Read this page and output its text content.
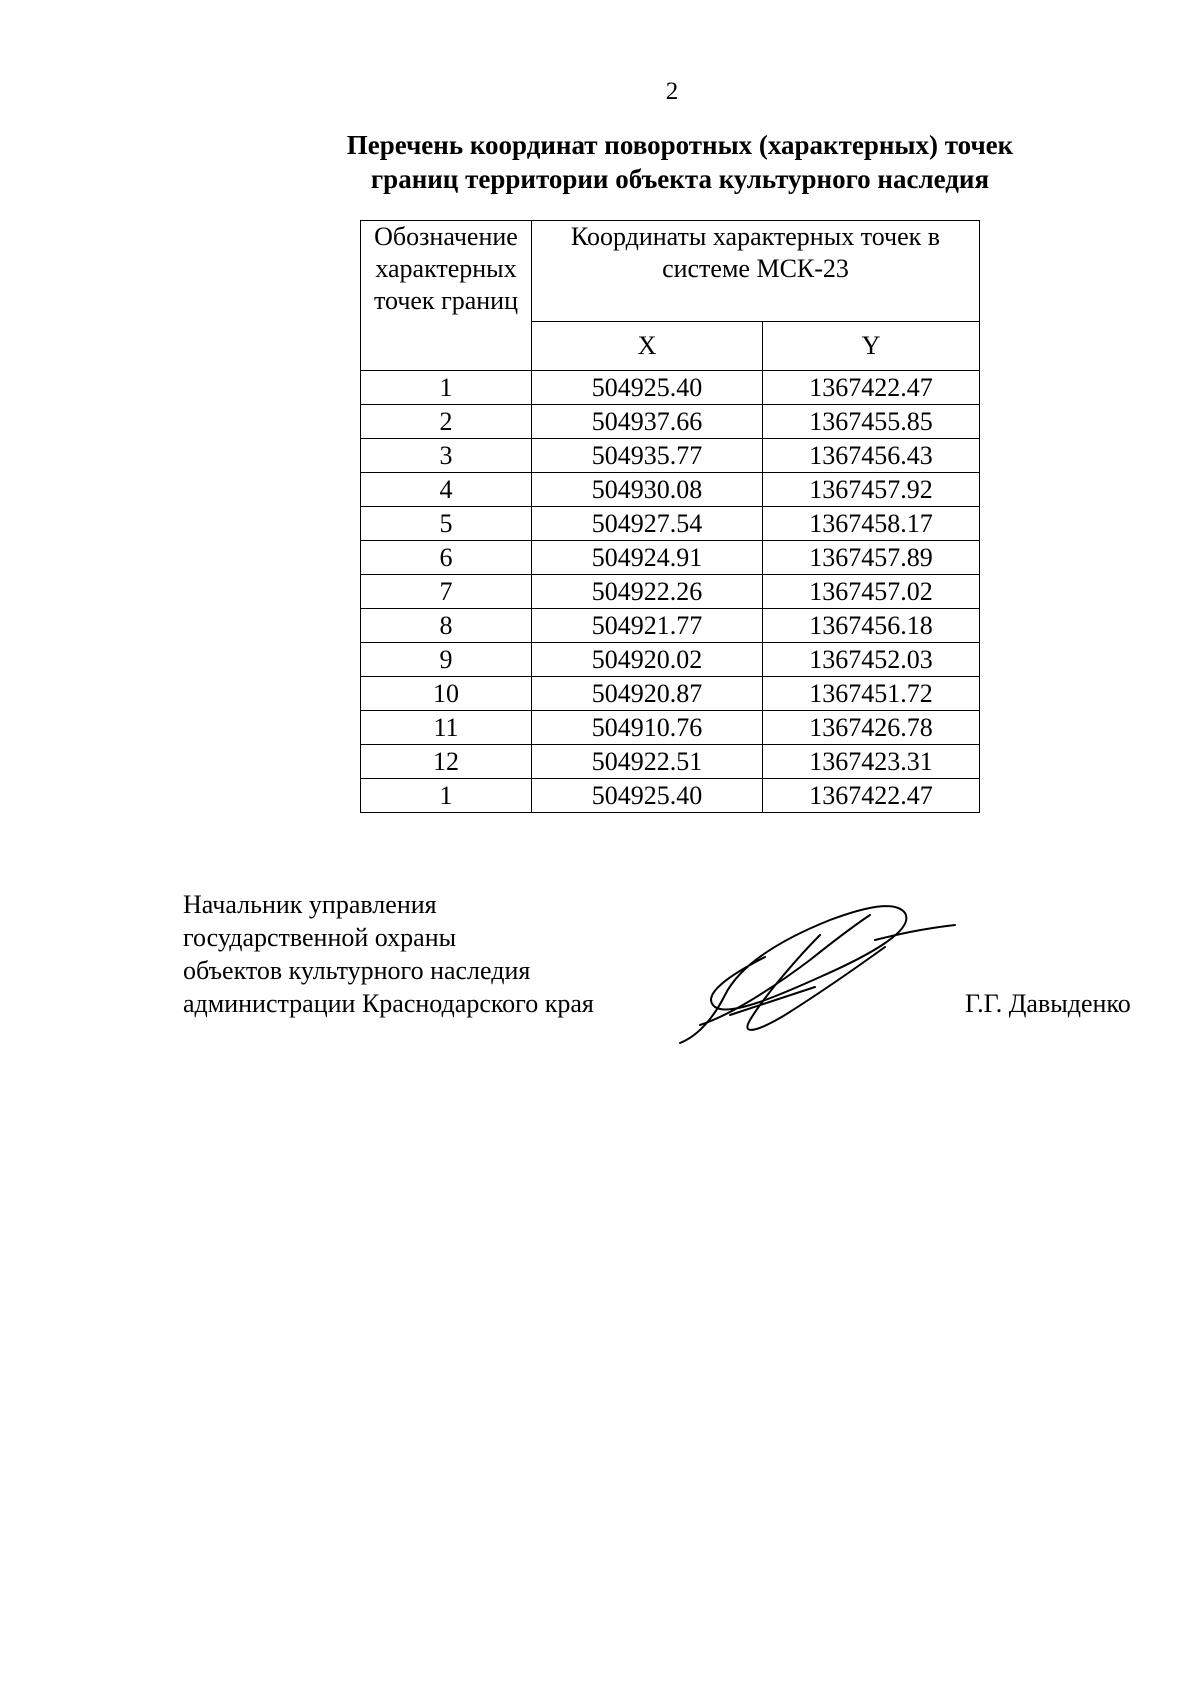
2
Перечень координат поворотных (характерных) точек
границ территории объекта культурного наследия
Обозначение характерных точек границ	Координаты характерных точек в системе МСК-23	
	X	Y
1	504925.40	1367422.47
2	504937.66	1367455.85
3	504935.77	1367456.43
4	504930.08	1367457.92
5	504927.54	1367458.17
6	504924.91	1367457.89
7	504922.26	1367457.02
8	504921.77	1367456.18
9	504920.02	1367452.03
10	504920.87	1367451.72
11	504910.76	1367426.78
12	504922.51	1367423.31
1	504925.40	1367422.47
Начальник управления
государственной охраны
объектов культурного наследия
администрации Краснодарского края	Г.Г. Давыденко
